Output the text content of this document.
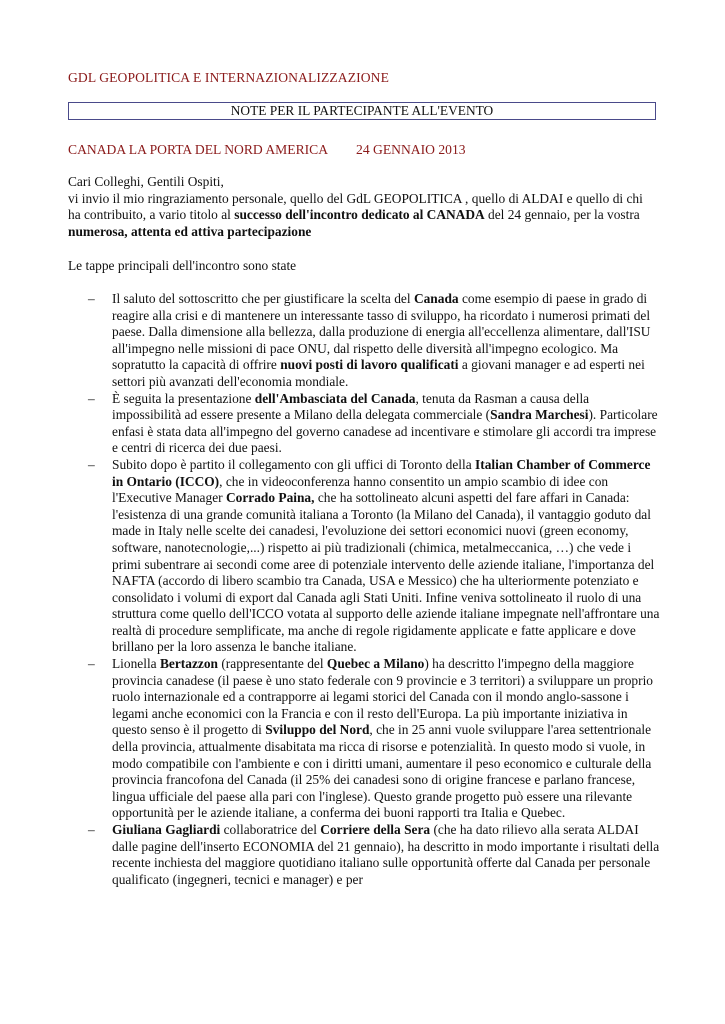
GDL GEOPOLITICA E INTERNAZIONALIZZAZIONE
NOTE PER IL PARTECIPANTE ALL'EVENTO
CANADA LA PORTA DEL NORD AMERICA 24 GENNAIO 2013

Cari Colleghi, Gentili Ospiti,

vi invio il mio ringraziamento personale, quello del GdL GEOPOLITICA , quello di ALDAI e quello di chi ha contribuito, a vario titolo al successo dell'incontro dedicato al CANADA del 24 gennaio, per la vostra numerosa, attenta ed attiva partecipazione

Le tappe principali dell'incontro sono state
– Il saluto del sottoscritto che per giustificare la scelta del Canada come esempio di paese in grado di reagire alla crisi e di mantenere un interessante tasso di sviluppo, ha ricordato i numerosi primati del paese. Dalla dimensione alla bellezza, dalla produzione di energia all'eccellenza alimentare, dall'ISU all'impegno nelle missioni di pace ONU, dal rispetto delle diversità all'impegno ecologico. Ma sopratutto la capacità di offrire nuovi posti di lavoro qualificati a giovani manager e ad esperti nei settori più avanzati dell'economia mondiale.
– È seguita la presentazione dell'Ambasciata del Canada, tenuta da Rasman a causa della impossibilità ad essere presente a Milano della delegata commerciale (Sandra Marchesi). Particolare enfasi è stata data all'impegno del governo canadese ad incentivare e stimolare gli accordi tra imprese e centri di ricerca dei due paesi.
– Subito dopo è partito il collegamento con gli uffici di Toronto della Italian Chamber of Commerce in Ontario (ICCO), che in videoconferenza hanno consentito un ampio scambio di idee con l'Executive Manager Corrado Paina, che ha sottolineato alcuni aspetti del fare affari in Canada: l'esistenza di una grande comunità italiana a Toronto (la Milano del Canada), il vantaggio goduto dal made in Italy nelle scelte dei canadesi, l'evoluzione dei settori economici nuovi (green economy, software, nanotecnologie,...) rispetto ai più tradizionali (chimica, metalmeccanica, …) che vede i primi subentrare ai secondi come aree di potenziale intervento delle aziende italiane, l'importanza del NAFTA (accordo di libero scambio tra Canada, USA e Messico) che ha ulteriormente potenziato e consolidato i volumi di export dal Canada agli Stati Uniti. Infine veniva sottolineato il ruolo di una struttura come quello dell'ICCO votata al supporto delle aziende italiane impegnate nell'affrontare una realtà di procedure semplificate, ma anche di regole rigidamente applicate e fatte applicare e dove brillano per la loro assenza le banche italiane.
– Lionella Bertazzon (rappresentante del Quebec a Milano) ha descritto l'impegno della maggiore provincia canadese (il paese è uno stato federale con 9 provincie e 3 territori) a sviluppare un proprio ruolo internazionale ed a contrapporre ai legami storici del Canada con il mondo anglo-sassone i legami anche economici con la Francia e con il resto dell'Europa. La più importante iniziativa in questo senso è il progetto di Sviluppo del Nord, che in 25 anni vuole sviluppare l'area settentrionale della provincia, attualmente disabitata ma ricca di risorse e potenzialità. In questo modo si vuole, in modo compatibile con l'ambiente e con i diritti umani, aumentare il peso economico e culturale della provincia francofona del Canada (il 25% dei canadesi sono di origine francese e parlano francese, lingua ufficiale del paese alla pari con l'inglese). Questo grande progetto può essere una rilevante opportunità per le aziende italiane, a conferma dei buoni rapporti tra Italia e Quebec.
– Giuliana Gagliardi collaboratrice del Corriere della Sera (che ha dato rilievo alla serata ALDAI dalle pagine dell'inserto ECONOMIA del 21 gennaio), ha descritto in modo importante i risultati della recente inchiesta del maggiore quotidiano italiano sulle opportunità offerte dal Canada per personale qualificato (ingegneri, tecnici e manager) e per
